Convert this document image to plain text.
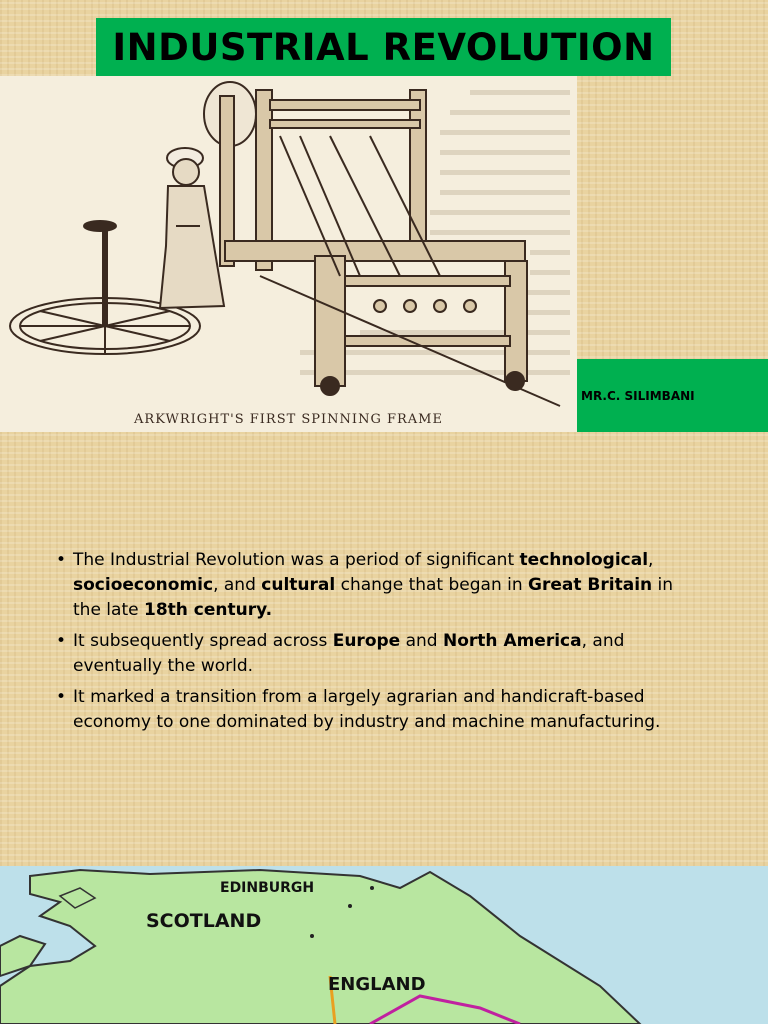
INDUSTRIAL REVOLUTION
ARKWRIGHT'S FIRST SPINNING FRAME
MR.C. SILIMBANI
• The Industrial Revolution was a period of significant technological, socioeconomic, and cultural change that began in Great Britain in the late 18th century.
• It subsequently spread across Europe and North America, and eventually the world.
• It marked a transition from a largely agrarian and handicraft-based economy to one dominated by industry and machine manufacturing.
EDINBURGH
SCOTLAND
ENGLAND
